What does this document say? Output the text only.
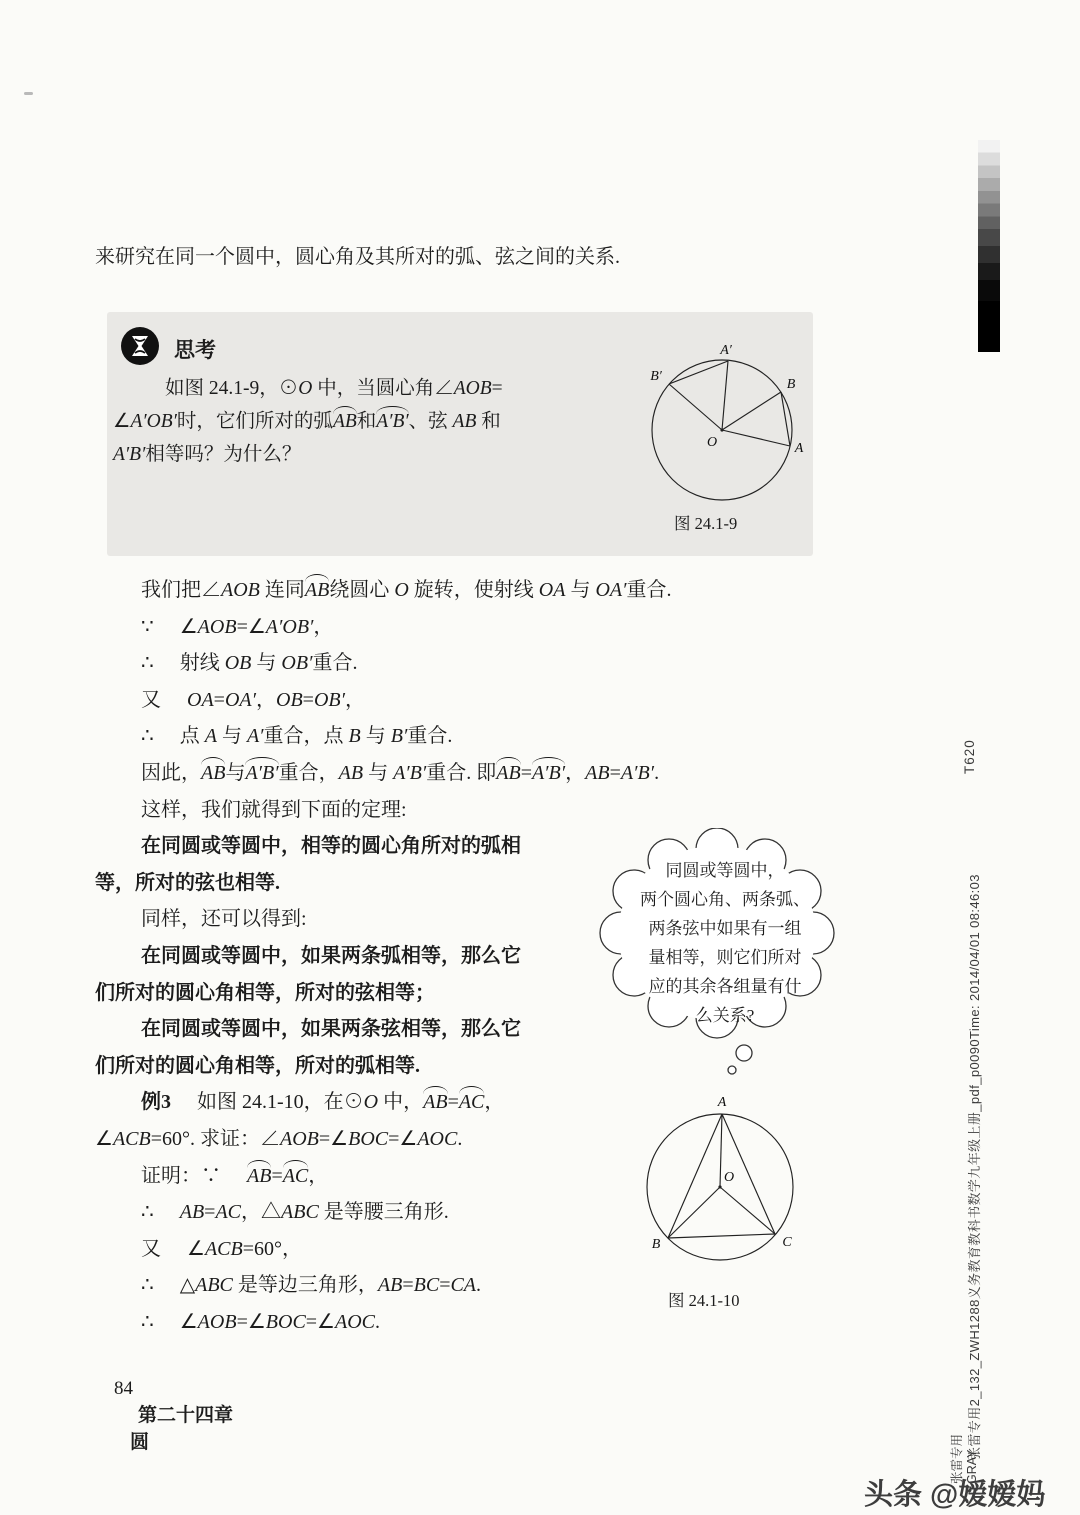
来研究在同一个圆中，圆心角及其所对的弧、弦之间的关系.
思考
如图 24.1-9，⊙O 中，当圆心角∠AOB=
∠A′OB′时，它们所对的弧AB和A′B′、弦 AB 和
A′B′相等吗？为什么？
A′
B′
B
A
O
图 24.1-9
我们把∠AOB 连同AB绕圆心 O 旋转，使射线 OA 与 OA′重合.
∵ ∠AOB=∠A′OB′，
∴ 射线 OB 与 OB′重合.
又 OA=OA′，OB=OB′，
∴ 点 A 与 A′重合，点 B 与 B′重合.
因此，AB与A′B′重合，AB 与 A′B′重合. 即AB=A′B′，AB=A′B′.
这样，我们就得到下面的定理:
在同圆或等圆中，相等的圆心角所对的弧相
等，所对的弦也相等.
同样，还可以得到:
在同圆或等圆中，如果两条弧相等，那么它
们所对的圆心角相等，所对的弦相等；
在同圆或等圆中，如果两条弦相等，那么它
们所对的圆心角相等，所对的弧相等.
例3 如图 24.1-10，在⊙O 中，AB=AC，
∠ACB=60°. 求证：∠AOB=∠BOC=∠AOC.
证明：∵ AB=AC，
∴ AB=AC，△ABC 是等腰三角形.
又 ∠ACB=60°，
∴ △ABC 是等边三角形，AB=BC=CA.
∴ ∠AOB=∠BOC=∠AOC.
同圆或等圆中，
两个圆心角、两条弧、
两条弦中如果有一组
量相等，则它们所对
应的其余各组量有什
么关系?
A
O
B	C
图 24.1-10

84
第二十四章
圆

T620
张雷专用2_132_ZWH1288义务教育教科书数学九年级上册_pdf_p0090Time: 2014/04/01 08:46:03
张雷专用 GRAY
头条 @嫒嫒妈
